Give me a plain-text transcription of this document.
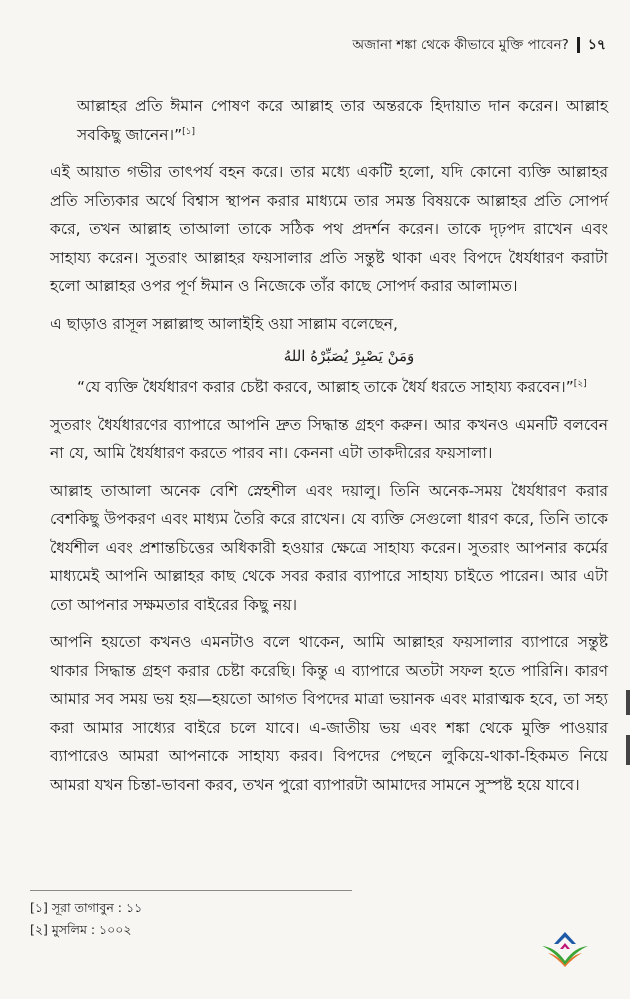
অজানা শঙ্কা থেকে কীভাবে মুক্তি পাবেন? ১৭

আল্লাহর প্রতি ঈমান পোষণ করে আল্লাহ তার অন্তরকে হিদায়াত দান করেন। আল্লাহ সবকিছু জানেন।”[১]

এই আয়াত গভীর তাৎপর্য বহন করে। তার মধ্যে একটি হলো, যদি কোনো ব্যক্তি আল্লাহর প্রতি সত্যিকার অর্থে বিশ্বাস স্থাপন করার মাধ্যমে তার সমস্ত বিষয়কে আল্লাহর প্রতি সোপর্দ করে, তখন আল্লাহ তাআলা তাকে সঠিক পথ প্রদর্শন করেন। তাকে দৃঢ়পদ রাখেন এবং সাহায্য করেন। সুতরাং আল্লাহর ফয়সালার প্রতি সন্তুষ্ট থাকা এবং বিপদে ধৈর্যধারণ করাটা হলো আল্লাহর ওপর পূর্ণ ঈমান ও নিজেকে তাঁর কাছে সোপর্দ করার আলামত।

এ ছাড়াও রাসূল সল্লাল্লাহু আলাইহি ওয়া সাল্লাম বলেছেন,

وَمَنْ يَصْبِرْ يُصَبِّرْهُ اللهُ

“যে ব্যক্তি ধৈর্যধারণ করার চেষ্টা করবে, আল্লাহ তাকে ধৈর্য ধরতে সাহায্য করবেন।”[২]

সুতরাং ধৈর্যধারণের ব্যাপারে আপনি দ্রুত সিদ্ধান্ত গ্রহণ করুন। আর কখনও এমনটি বলবেন না যে, আমি ধৈর্যধারণ করতে পারব না। কেননা এটা তাকদীরের ফয়সালা।

আল্লাহ তাআলা অনেক বেশি স্নেহশীল এবং দয়ালু। তিনি অনেক-সময় ধৈর্যধারণ করার বেশকিছু উপকরণ এবং মাধ্যম তৈরি করে রাখেন। যে ব্যক্তি সেগুলো ধারণ করে, তিনি তাকে ধৈর্যশীল এবং প্রশান্তচিত্তের অধিকারী হওয়ার ক্ষেত্রে সাহায্য করেন। সুতরাং আপনার কর্মের মাধ্যমেই আপনি আল্লাহর কাছ থেকে সবর করার ব্যাপারে সাহায্য চাইতে পারেন। আর এটা তো আপনার সক্ষমতার বাইরের কিছু নয়।

আপনি হয়তো কখনও এমনটাও বলে থাকেন, আমি আল্লাহর ফয়সালার ব্যাপারে সন্তুষ্ট থাকার সিদ্ধান্ত গ্রহণ করার চেষ্টা করেছি। কিন্তু এ ব্যাপারে অতটা সফল হতে পারিনি। কারণ আমার সব সময় ভয় হয়—হয়তো আগত বিপদের মাত্রা ভয়ানক এবং মারাত্মক হবে, তা সহ্য করা আমার সাধ্যের বাইরে চলে যাবে। এ-জাতীয় ভয় এবং শঙ্কা থেকে মুক্তি পাওয়ার ব্যাপারেও আমরা আপনাকে সাহায্য করব। বিপদের পেছনে লুকিয়ে-থাকা-হিকমত নিয়ে আমরা যখন চিন্তা-ভাবনা করব, তখন পুরো ব্যাপারটা আমাদের সামনে সুস্পষ্ট হয়ে যাবে।

[১] সূরা তাগাবুন : ১১
[২] মুসলিম : ১০০২
